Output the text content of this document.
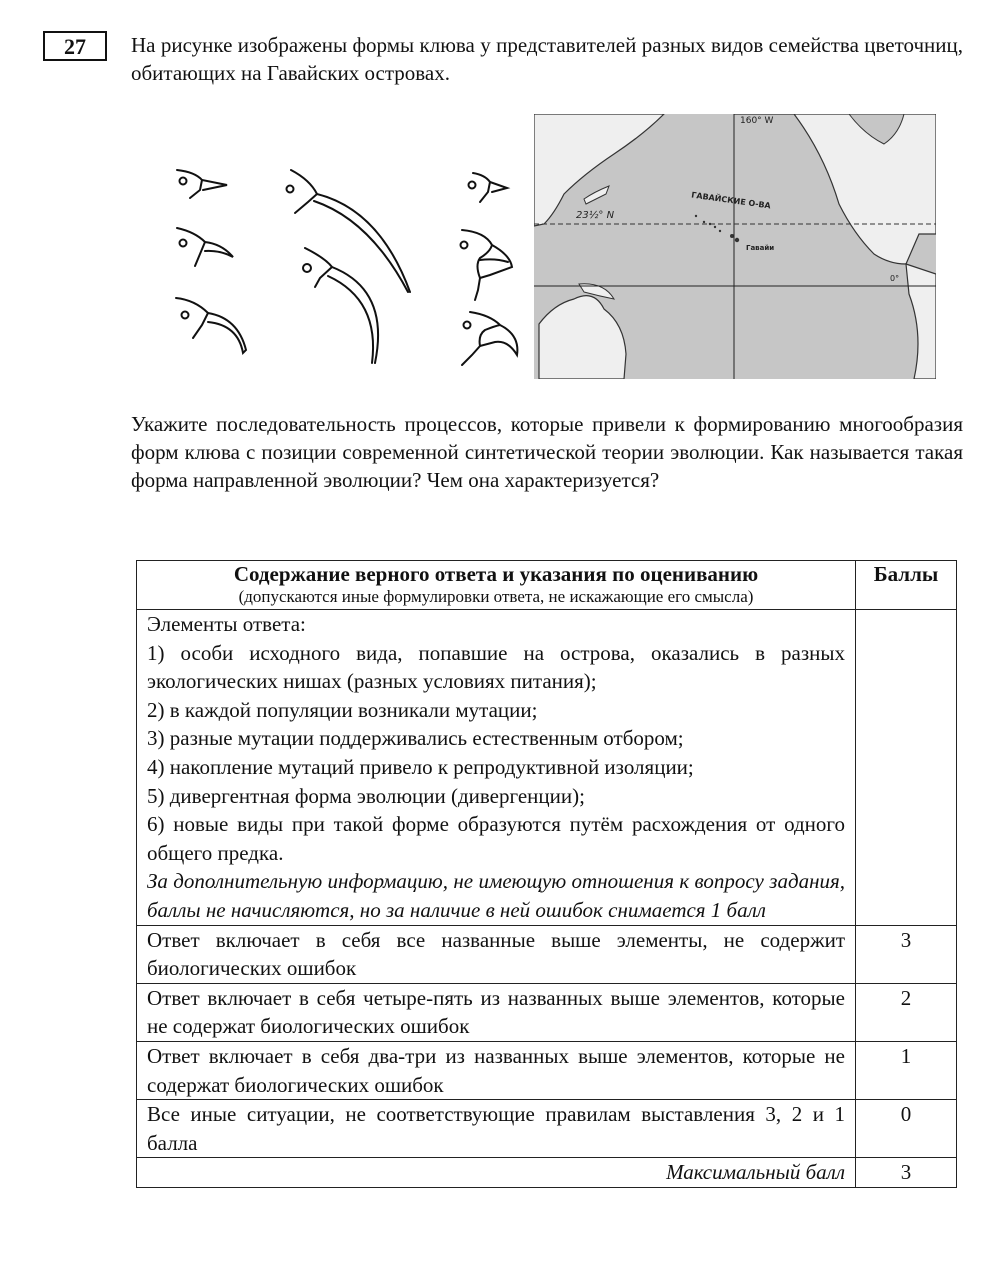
27	На рисунке изображены формы клюва у представителей разных видов семейства цветочниц, обитающих на Гавайских островах.
160° W
23½° N
0°
ГАВАЙСКИЕ О-ВА
Гавайи
Укажите последовательность процессов, которые привели к формированию многообразия форм клюва с позиции современной синтетической теории эволюции. Как называется такая форма направленной эволюции? Чем она характеризуется?
Содержание верного ответа и указания по оцениванию
(допускаются иные формулировки ответа, не искажающие его смысла)	Баллы

Элементы ответа:
1) особи исходного вида, попавшие на острова, оказались в разных экологических нишах (разных условиях питания);
2) в каждой популяции возникали мутации;
3) разные мутации поддерживались естественным отбором;
4) накопление мутаций привело к репродуктивной изоляции;
5) дивергентная форма эволюции (дивергенции);
6) новые виды при такой форме образуются путём расхождения от одного общего предка.
За дополнительную информацию, не имеющую отношения к вопросу задания, баллы не начисляются, но за наличие в ней ошибок снимается 1 балл

Ответ включает в себя все названные выше элементы, не содержит биологических ошибок	3
Ответ включает в себя четыре-пять из названных выше элементов, которые не содержат биологических ошибок	2
Ответ включает в себя два-три из названных выше элементов, которые не содержат биологических ошибок	1
Все иные ситуации, не соответствующие правилам выставления 3, 2 и 1 балла	0
Максимальный балл	3
